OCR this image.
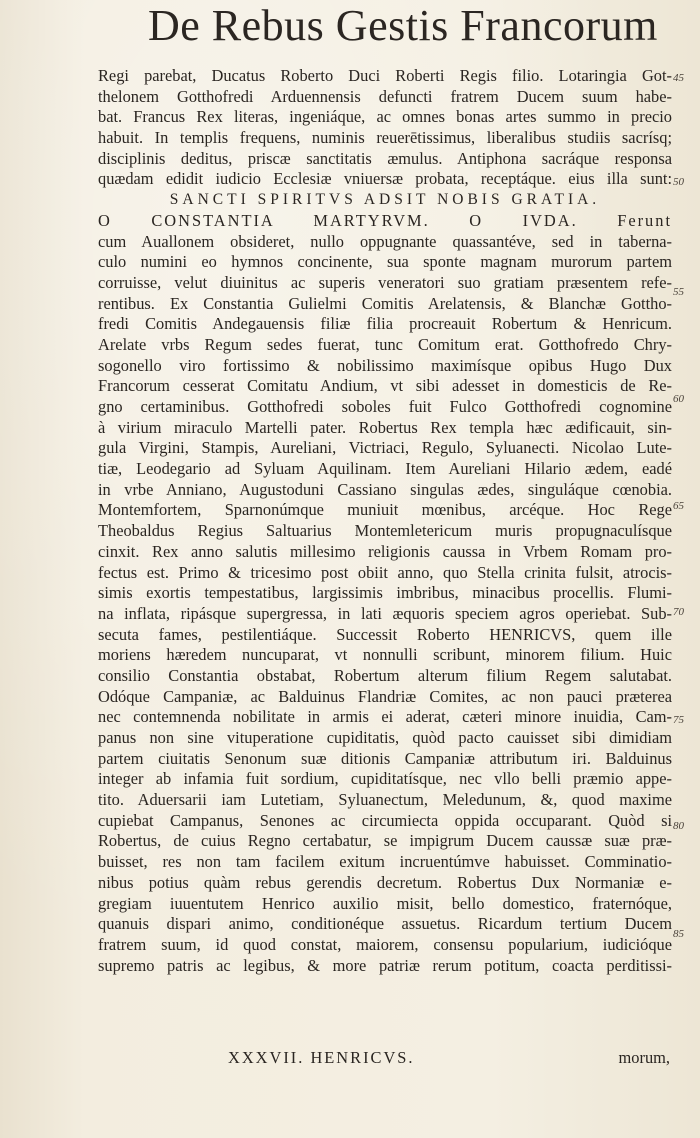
De Rebus Gestis Francorum
Regi parebat, Ducatus Roberto Duci Roberti Regis filio. Lotaringia Got-
thelonem Gotthofredi Arduennensis defuncti fratrem Ducem suum habe-
bat. Francus Rex literas, ingeniáque, ac omnes bonas artes summo in precio
habuit. In templis frequens, numinis reuerētissimus, liberalibus studiis sacrísq;
disciplinis deditus, priscæ sanctitatis æmulus. Antiphona sacráque responsa
quædam edidit iudicio Ecclesiæ vniuersæ probata, receptáque. eius illa sunt:
SANCTI SPIRITVS ADSIT NOBIS GRATIA.
O CONSTANTIA MARTYRVM. O IVDA. Ferunt
cum Auallonem obsideret, nullo oppugnante quassantéve, sed in taberna-
culo numini eo hymnos concinente, sua sponte magnam murorum partem
corruisse, velut diuinitus ac superis veneratori suo gratiam præsentem refe-
rentibus. Ex Constantia Gulielmi Comitis Arelatensis, & Blanchæ Gottho-
fredi Comitis Andegauensis filiæ filia procreauit Robertum & Henricum.
Arelate vrbs Regum sedes fuerat, tunc Comitum erat. Gotthofredo Chry-
sogonello viro fortissimo & nobilissimo maximísque opibus Hugo Dux
Francorum cesserat Comitatu Andium, vt sibi adesset in domesticis de Re-
gno certaminibus. Gotthofredi soboles fuit Fulco Gotthofredi cognomine
à virium miraculo Martelli pater. Robertus Rex templa hæc ædificauit, sin-
gula Virgini, Stampis, Aureliani, Victriaci, Regulo, Syluanecti. Nicolao Lute-
tiæ, Leodegario ad Syluam Aquilinam. Item Aureliani Hilario ædem, eadé
in vrbe Anniano, Augustoduni Cassiano singulas ædes, singuláque cœnobia.
Montemfortem, Sparnonúmque muniuit mœnibus, arcéque. Hoc Rege
Theobaldus Regius Saltuarius Montemletericum muris propugnaculísque
cinxit. Rex anno salutis millesimo religionis caussa in Vrbem Romam pro-
fectus est. Primo & tricesimo post obiit anno, quo Stella crinita fulsit, atrocis-
simis exortis tempestatibus, largissimis imbribus, minacibus procellis. Flumi-
na inflata, ripásque supergressa, in lati æquoris speciem agros operiebat. Sub-
secuta fames, pestilentiáque. Successit Roberto HENRICVS, quem ille
moriens hæredem nuncuparat, vt nonnulli scribunt, minorem filium. Huic
consilio Constantia obstabat, Robertum alterum filium Regem salutabat.
Odóque Campaniæ, ac Balduinus Flandriæ Comites, ac non pauci præterea
nec contemnenda nobilitate in armis ei aderat, cæteri minore inuidia, Cam-
panus non sine vituperatione cupiditatis, quòd pacto cauisset sibi dimidiam
partem ciuitatis Senonum suæ ditionis Campaniæ attributum iri. Balduinus
integer ab infamia fuit sordium, cupiditatísque, nec vllo belli præmio appe-
tito. Aduersarii iam Lutetiam, Syluanectum, Meledunum, &, quod maxime
cupiebat Campanus, Senones ac circumiecta oppida occuparant. Quòd si
Robertus, de cuius Regno certabatur, se impigrum Ducem caussæ suæ præ-
buisset, res non tam facilem exitum incruentúmve habuisset. Comminatio-
nibus potius quàm rebus gerendis decretum. Robertus Dux Normaniæ e-
gregiam iuuentutem Henrico auxilio misit, bello domestico, fraternóque,
quanuis dispari animo, conditionéque assuetus. Ricardum tertium Ducem
fratrem suum, id quod constat, maiorem, consensu popularium, iudicióque
supremo patris ac legibus, & more patriæ rerum potitum, coacta perditissi-
45
50
55
60
65
70
75
80
85
XXXVII. HENRICVS.	morum,
